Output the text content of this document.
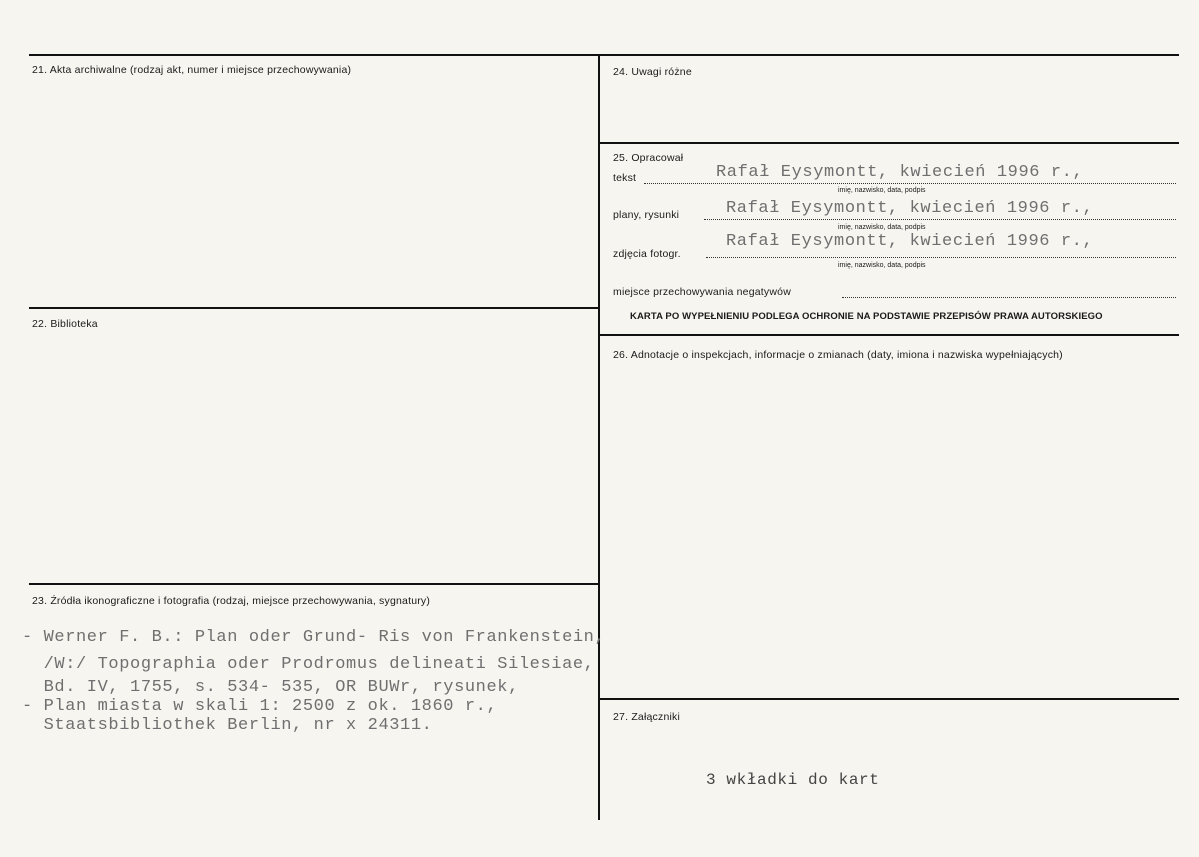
21. Akta archiwalne (rodzaj akt, numer i miejsce przechowywania)
22. Biblioteka
23. Źródła ikonograficzne i fotografia (rodzaj, miejsce przechowywania, sygnatury)
- Werner F. B.: Plan oder Grund- Ris von Frankenstein,
/W:/ Topographia oder Prodromus delineati Silesiae,
Bd. IV, 1755, s. 534- 535, OR BUWr, rysunek,
- Plan miasta w skali 1: 2500 z ok. 1860 r.,
Staatsbibliothek Berlin, nr x 24311.
24. Uwagi różne
25. Opracował
tekst	Rafał Eysymontt, kwiecień 1996 r.,
imię, nazwisko, data, podpis
plany, rysunki	Rafał Eysymontt, kwiecień 1996 r.,
imię, nazwisko, data, podpis
zdjęcia fotogr.
Rafał Eysymontt, kwiecień 1996 r.,
imię, nazwisko, data, podpis
miejsce przechowywania negatywów
KARTA PO WYPEŁNIENIU PODLEGA OCHRONIE NA PODSTAWIE PRZEPISÓW PRAWA AUTORSKIEGO
26. Adnotacje o inspekcjach, informacje o zmianach (daty, imiona i nazwiska wypełniających)
27. Załączniki
3 wkładki do kart
